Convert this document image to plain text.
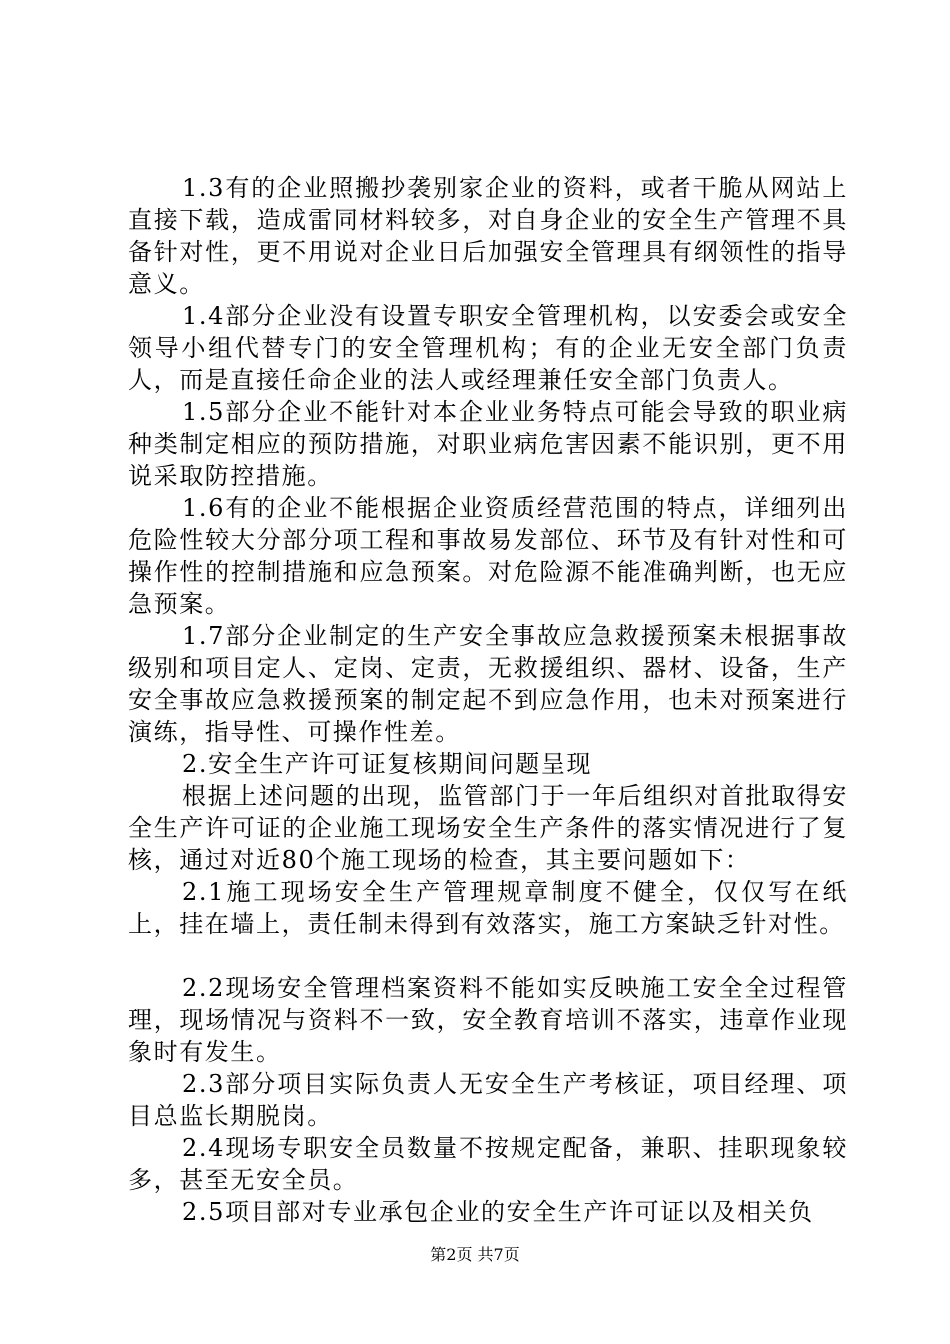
1.3有的企业照搬抄袭别家企业的资料，或者干脆从网站上直接下载，造成雷同材料较多，对自身企业的安全生产管理不具备针对性，更不用说对企业日后加强安全管理具有纲领性的指导意义。

1.4部分企业没有设置专职安全管理机构，以安委会或安全领导小组代替专门的安全管理机构；有的企业无安全部门负责人，而是直接任命企业的法人或经理兼任安全部门负责人。

1.5部分企业不能针对本企业业务特点可能会导致的职业病种类制定相应的预防措施，对职业病危害因素不能识别，更不用说采取防控措施。

1.6有的企业不能根据企业资质经营范围的特点，详细列出危险性较大分部分项工程和事故易发部位、环节及有针对性和可操作性的控制措施和应急预案。对危险源不能准确判断，也无应急预案。

1.7部分企业制定的生产安全事故应急救援预案未根据事故级别和项目定人、定岗、定责，无救援组织、器材、设备，生产安全事故应急救援预案的制定起不到应急作用，也未对预案进行演练，指导性、可操作性差。

2.安全生产许可证复核期间问题呈现

根据上述问题的出现，监管部门于一年后组织对首批取得安全生产许可证的企业施工现场安全生产条件的落实情况进行了复核，通过对近80个施工现场的检查，其主要问题如下：

2.1施工现场安全生产管理规章制度不健全，仅仅写在纸上，挂在墙上，责任制未得到有效落实，施工方案缺乏针对性。

2.2现场安全管理档案资料不能如实反映施工安全全过程管理，现场情况与资料不一致，安全教育培训不落实，违章作业现象时有发生。

2.3部分项目实际负责人无安全生产考核证，项目经理、项目总监长期脱岗。

2.4现场专职安全员数量不按规定配备，兼职、挂职现象较多，甚至无安全员。

2.5项目部对专业承包企业的安全生产许可证以及相关负

第2页 共7页
